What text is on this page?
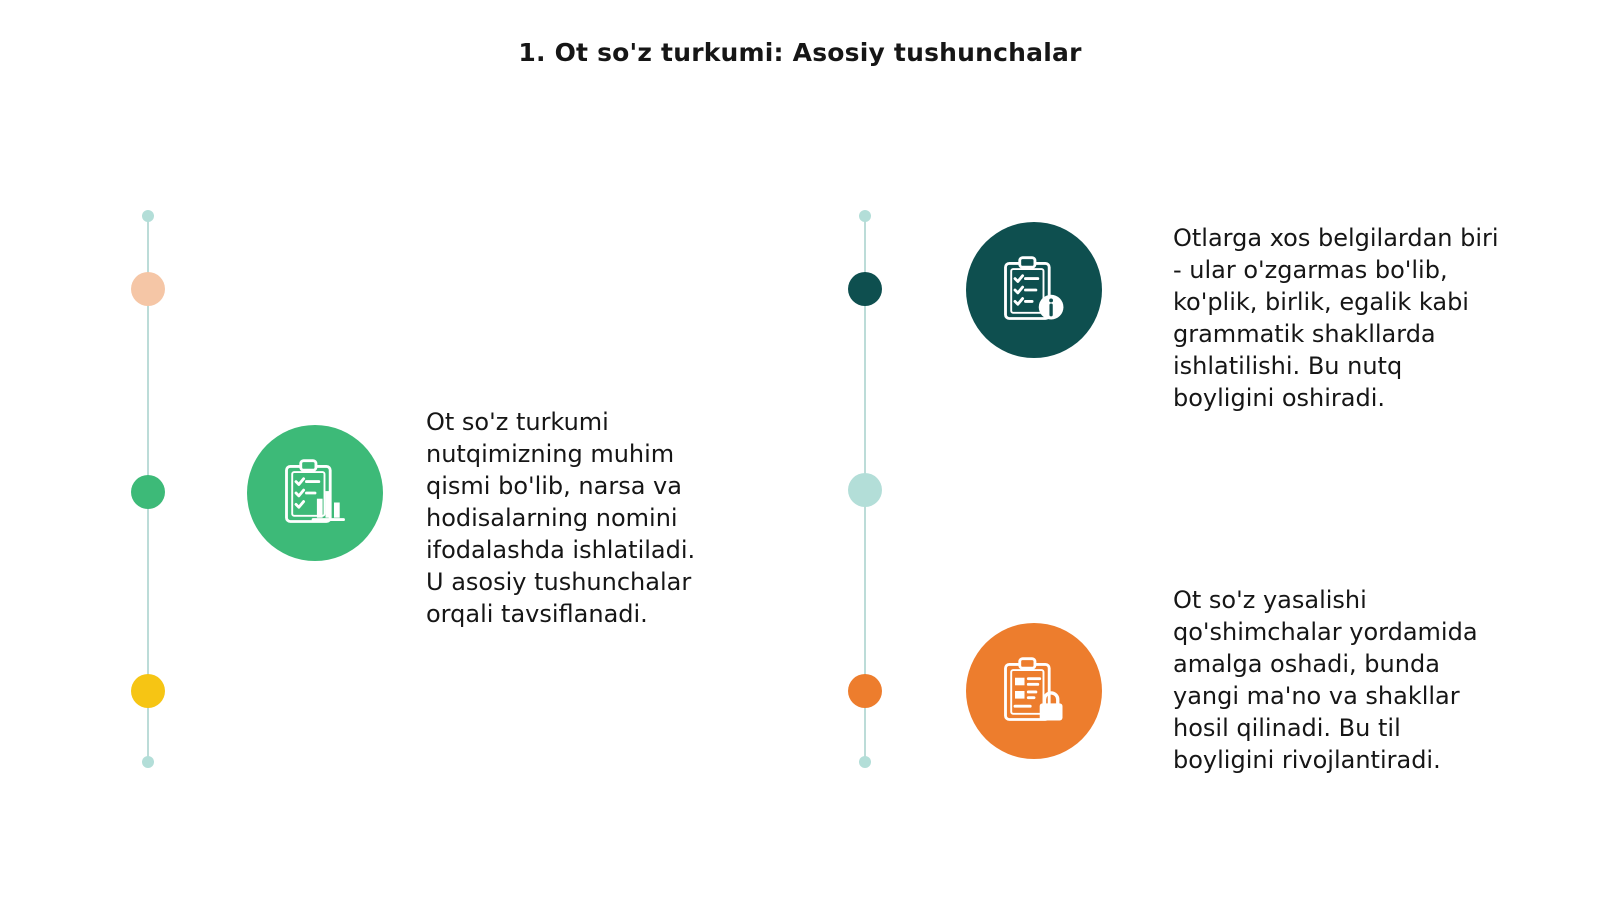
1. Ot so'z turkumi: Asosiy tushunchalar
Ot so'z turkumi
nutqimizning muhim
qismi bo'lib, narsa va
hodisalarning nomini
ifodalashda ishlatiladi.
U asosiy tushunchalar
orqali tavsiflanadi.
Otlarga xos belgilardan biri
- ular o'zgarmas bo'lib,
ko'plik, birlik, egalik kabi
grammatik shakllarda
ishlatilishi. Bu nutq
boyligini oshiradi.
Ot so'z yasalishi
qo'shimchalar yordamida
amalga oshadi, bunda
yangi ma'no va shakllar
hosil qilinadi. Bu til
boyligini rivojlantiradi.
